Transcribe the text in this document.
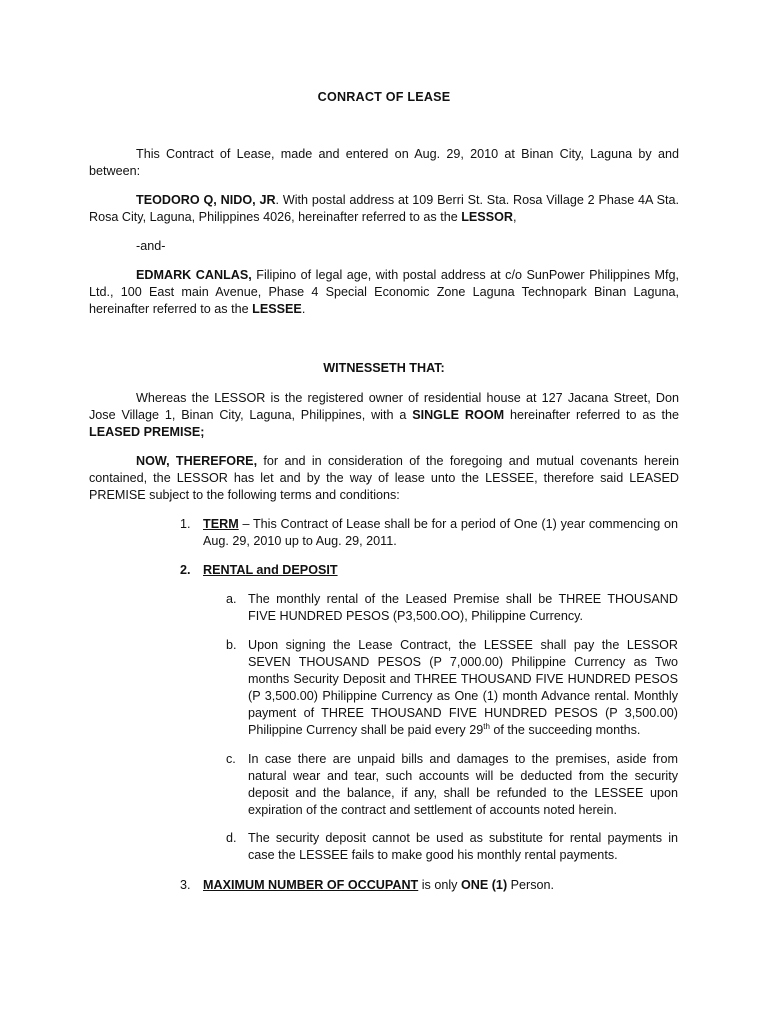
CONRACT OF LEASE
This Contract of Lease, made and entered on Aug. 29, 2010 at Binan City, Laguna by and between:
TEODORO Q, NIDO, JR. With postal address at 109 Berri St. Sta. Rosa Village 2 Phase 4A Sta. Rosa City, Laguna, Philippines 4026, hereinafter referred to as the LESSOR,
-and-
EDMARK CANLAS, Filipino of legal age, with postal address at c/o SunPower Philippines Mfg, Ltd., 100 East main Avenue, Phase 4 Special Economic Zone Laguna Technopark Binan Laguna, hereinafter referred to as the LESSEE.
WITNESSETH THAT:
Whereas the LESSOR is the registered owner of residential house at 127 Jacana Street, Don Jose Village 1, Binan City, Laguna, Philippines, with a SINGLE ROOM hereinafter referred to as the LEASED PREMISE;
NOW, THEREFORE, for and in consideration of the foregoing and mutual covenants herein contained, the LESSOR has let and by the way of lease unto the LESSEE, therefore said LEASED PREMISE subject to the following terms and conditions:
1. TERM – This Contract of Lease shall be for a period of One (1) year commencing on Aug. 29, 2010 up to Aug. 29, 2011.
2. RENTAL and DEPOSIT
a. The monthly rental of the Leased Premise shall be THREE THOUSAND FIVE HUNDRED PESOS (P3,500.OO), Philippine Currency.
b. Upon signing the Lease Contract, the LESSEE shall pay the LESSOR SEVEN THOUSAND PESOS (P 7,000.00) Philippine Currency as Two months Security Deposit and THREE THOUSAND FIVE HUNDRED PESOS (P 3,500.00) Philippine Currency as One (1) month Advance rental. Monthly payment of THREE THOUSAND FIVE HUNDRED PESOS (P 3,500.00) Philippine Currency shall be paid every 29th of the succeeding months.
c. In case there are unpaid bills and damages to the premises, aside from natural wear and tear, such accounts will be deducted from the security deposit and the balance, if any, shall be refunded to the LESSEE upon expiration of the contract and settlement of accounts noted herein.
d. The security deposit cannot be used as substitute for rental payments in case the LESSEE fails to make good his monthly rental payments.
3. MAXIMUM NUMBER OF OCCUPANT is only ONE (1) Person.
